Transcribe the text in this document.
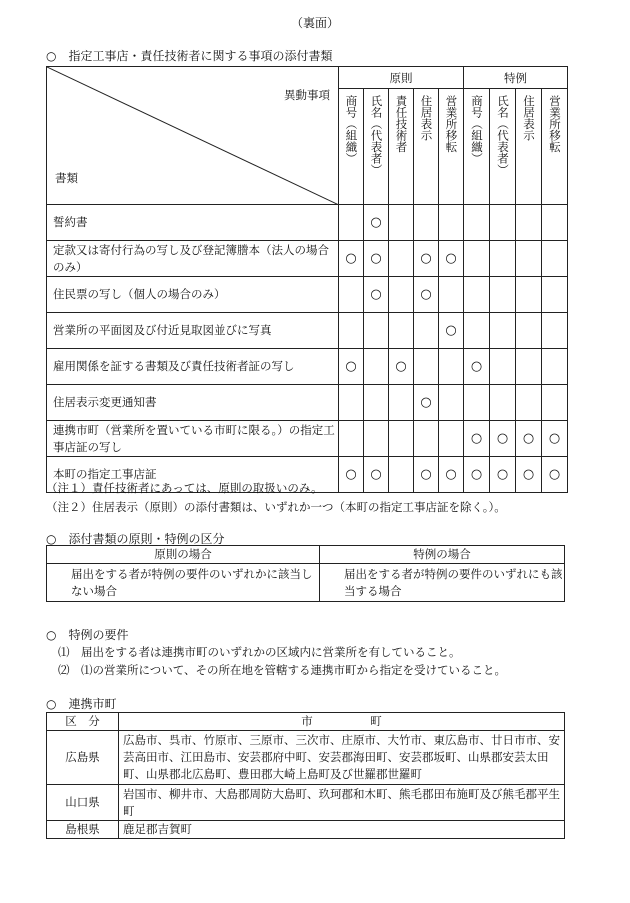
（裏面）
○　指定工事店・責任技術者に関する事項の添付書類
異動事項
書類	原則					特例			

	商号（組織）	氏名（代表者）	責任技術者	住居表示	営業所移転	商号（組織）	氏名（代表者）	住居表示	営業所移転

誓約書		○							
定款又は寄付行為の写し及び登記簿謄本（法人の場合のみ）	○	○		○	○				
住民票の写し（個人の場合のみ）		○		○					
営業所の平面図及び付近見取図並びに写真					○				
雇用関係を証する書類及び責任技術者証の写し	○		○			○			
住居表示変更通知書				○					
連携市町（営業所を置いている市町に限る。）の指定工事店証の写し						○	○	○	○
本町の指定工事店証	○	○		○	○	○	○	○	○
（注１）責任技術者にあっては、原則の取扱いのみ。
（注２）住居表示（原則）の添付書類は、いずれか一つ（本町の指定工事店証を除く。）。
○　添付書類の原則・特例の区分
原則の場合	特例の場合
届出をする者が特例の要件のいずれかに該当しない場合	届出をする者が特例の要件のいずれにも該当する場合
○　特例の要件
⑴　届出をする者は連携市町のいずれかの区域内に営業所を有していること。
⑵　⑴の営業所について、その所在地を管轄する連携市町から指定を受けていること。
○　連携市町
区　分	市　　　　　町
広島県	広島市、呉市、竹原市、三原市、三次市、庄原市、大竹市、東広島市、廿日市市、安芸高田市、江田島市、安芸郡府中町、安芸郡海田町、安芸郡坂町、山県郡安芸太田町、山県郡北広島町、豊田郡大崎上島町及び世羅郡世羅町
山口県	岩国市、柳井市、大島郡周防大島町、玖珂郡和木町、熊毛郡田布施町及び熊毛郡平生町
島根県	鹿足郡吉賀町
